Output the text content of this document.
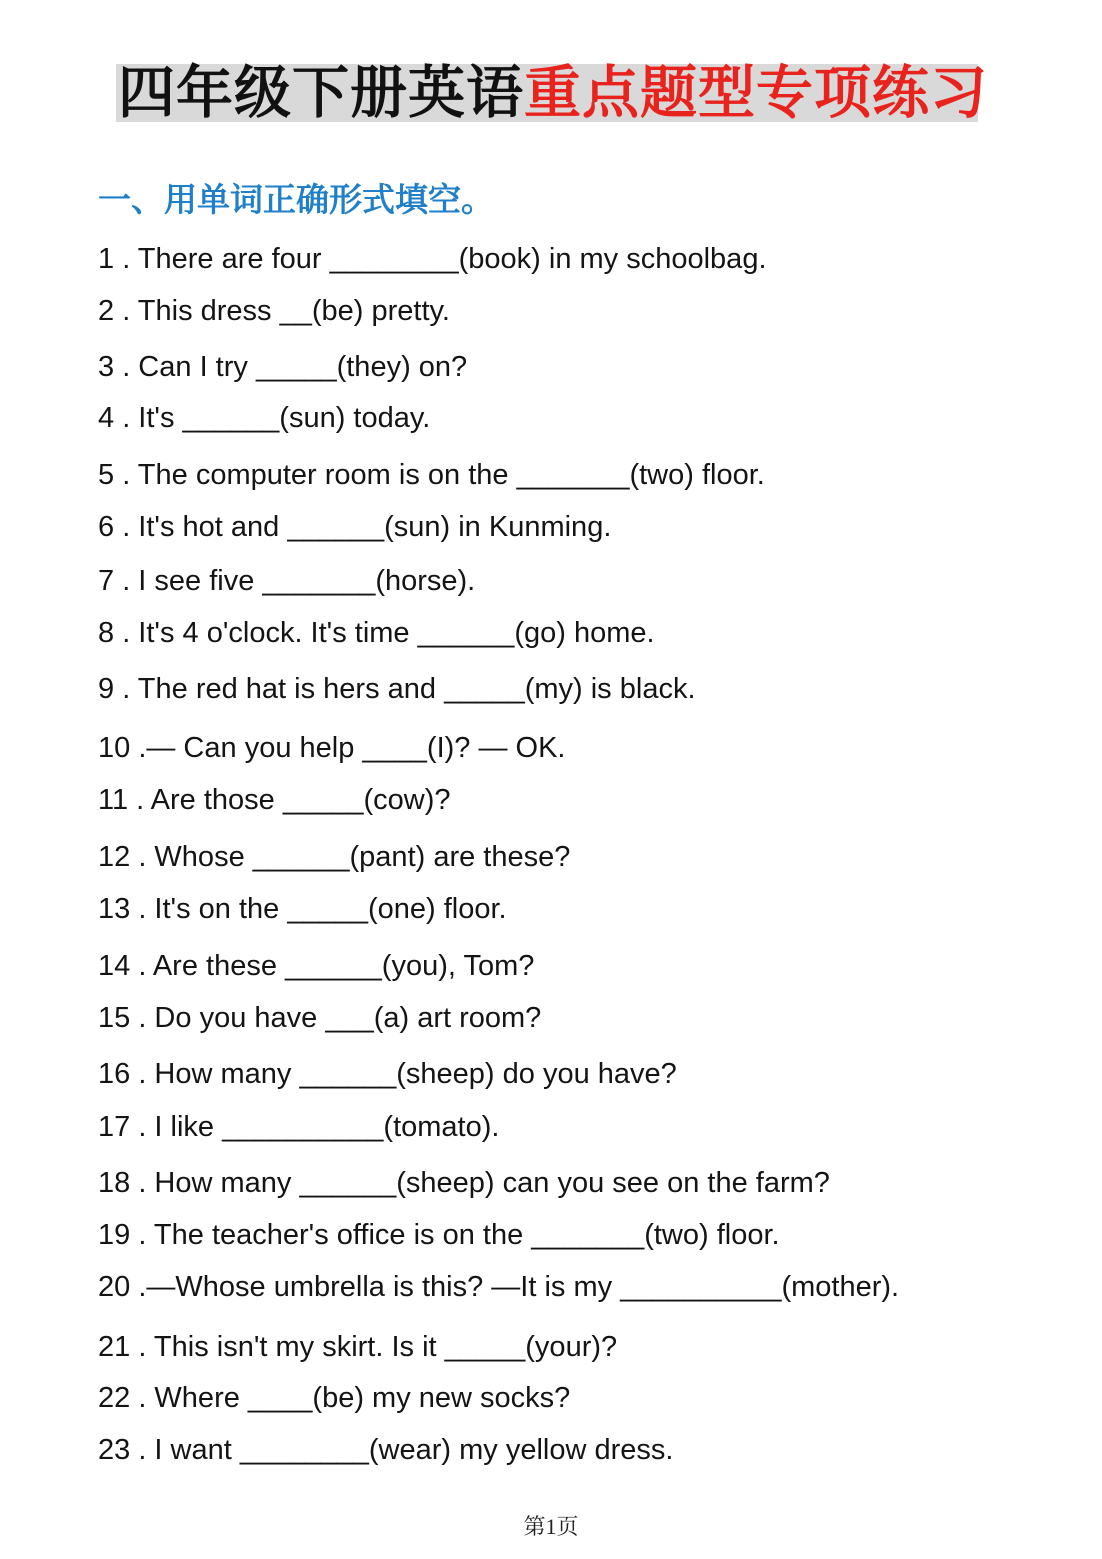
四年级下册英语重点题型专项练习
一、用单词正确形式填空。
1 . There are four ________(book) in my schoolbag.
2 . This dress __(be) pretty.
3 . Can I try _____(they) on?
4 . It's ______(sun) today.
5 . The computer room is on the _______(two) floor.
6 . It's hot and ______(sun) in Kunming.
7 . I see five _______(horse).
8 . It's 4 o'clock. It's time ______(go) home.
9 . The red hat is hers and _____(my) is black.
10 .— Can you help ____(I)? — OK.
11 . Are those _____(cow)?
12 . Whose ______(pant) are these?
13 . It's on the _____(one) floor.
14 . Are these ______(you), Tom?
15 . Do you have ___(a) art room?
16 . How many ______(sheep) do you have?
17 . I like __________(tomato).
18 . How many ______(sheep) can you see on the farm?
19 . The teacher's office is on the _______(two) floor.
20 .—Whose umbrella is this? —It is my __________(mother).
21 . This isn't my skirt. Is it _____(your)?
22 . Where ____(be) my new socks?
23 . I want ________(wear) my yellow dress.
第1页
